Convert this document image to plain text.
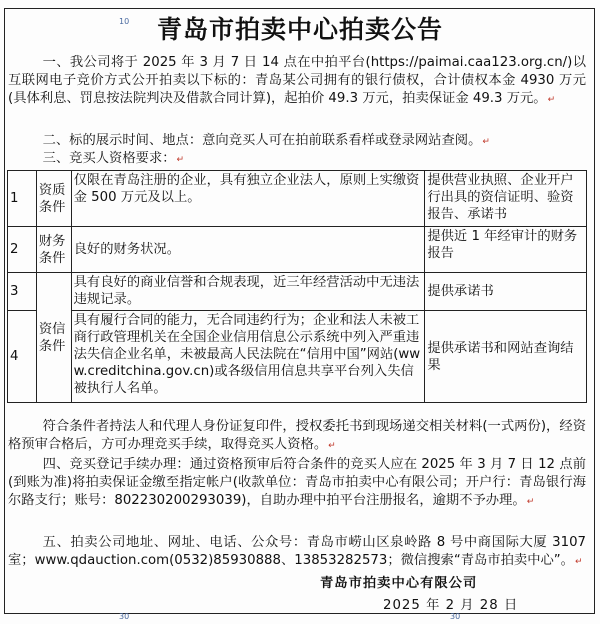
10	青岛市拍卖中心拍卖公告
一、我公司将于 2025 年 3 月 7 日 14 点在中拍平台(https://paimai.caa123.org.cn/)以互联网电子竞价方式公开拍卖以下标的：青岛某公司拥有的银行债权，合计债权本金 4930 万元(具体利息、罚息按法院判决及借款合同计算)，起拍价 49.3 万元，拍卖保证金 49.3 万元。↵
二、标的展示时间、地点：意向竞买人可在拍前联系看样或登录网站查阅。↵
三、竞买人资格要求：↵
1	资质条件	仅限在青岛注册的企业，具有独立企业法人，原则上实缴资金 500 万元及以上。	提供营业执照、企业开户行出具的资信证明、验资报告、承诺书
2	财务条件	良好的财务状况。	提供近 1 年经审计的财务报告
3	资信条件	具有良好的商业信誉和合规表现，近三年经营活动中无违法违规记录。	提供承诺书
4		具有履行合同的能力，无合同违约行为；企业和法人未被工商行政管理机关在全国企业信用信息公示系统中列入严重违法失信企业名单，未被最高人民法院在“信用中国”网站(www.creditchina.gov.cn)或各级信用信息共享平台列入失信被执行人名单。	提供承诺书和网站查询结果
符合条件者持法人和代理人身份证复印件，授权委托书到现场递交相关材料(一式两份)，经资格预审合格后，方可办理竞买手续，取得竞买人资格。↵
四、竞买登记手续办理：通过资格预审后符合条件的竞买人应在 2025 年 3 月 7 日 12 点前(到账为准)将拍卖保证金缴至指定帐户(收款单位：青岛市拍卖中心有限公司；开户行：青岛银行海尔路支行；账号：802230200293039)，自助办理中拍平台注册报名，逾期不予办理。↵
五、拍卖公司地址、网址、电话、公众号：青岛市崂山区泉岭路 8 号中商国际大厦 3107 室；www.qdauction.com(0532)85930888、13853282573；微信搜索“青岛市拍卖中心”。↵
青岛市拍卖中心有限公司
2025 年 2 月 28 日
30	30
